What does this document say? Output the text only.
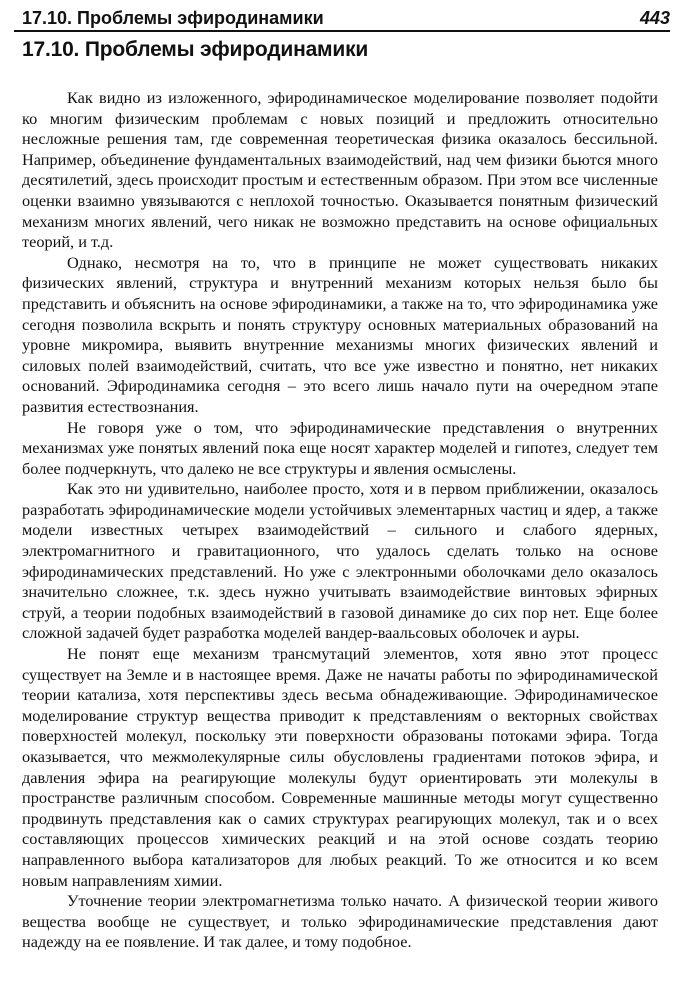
17.10. Проблемы эфиродинамики	443
17.10. Проблемы эфиродинамики

Как видно из изложенного, эфиродинамическое моделирование позволяет подойти ко многим физическим проблемам с новых позиций и предложить относительно несложные решения там, где современная теоретическая физика оказалось бессильной. Например, объединение фундаментальных взаимодействий, над чем физики бьются много десятилетий, здесь происходит простым и естественным образом. При этом все численные оценки взаимно увязываются с неплохой точностью. Оказывается понятным физический механизм многих явлений, чего никак не возможно представить на основе официальных теорий, и т.д.

Однако, несмотря на то, что в принципе не может существовать никаких физических явлений, структура и внутренний механизм которых нельзя было бы представить и объяснить на основе эфиродинамики, а также на то, что эфиродинамика уже сегодня позволила вскрыть и понять структуру основных материальных образований на уровне микромира, выявить внутренние механизмы многих физических явлений и силовых полей взаимодействий, считать, что все уже известно и понятно, нет никаких оснований. Эфиродинамика сегодня – это всего лишь начало пути на очередном этапе развития естествознания.

Не говоря уже о том, что эфиродинамические представления о внутренних механизмах уже понятых явлений пока еще носят характер моделей и гипотез, следует тем более подчеркнуть, что далеко не все структуры и явления осмыслены.

Как это ни удивительно, наиболее просто, хотя и в первом приближении, оказалось разработать эфиродинамические модели устойчивых элементарных частиц и ядер, а также модели известных четырех взаимодействий – сильного и слабого ядерных, электромагнитного и гравитационного, что удалось сделать только на основе эфиродинамических представлений. Но уже с электронными оболочками дело оказалось значительно сложнее, т.к. здесь нужно учитывать взаимодействие винтовых эфирных струй, а теории подобных взаимодействий в газовой динамике до сих пор нет. Еще более сложной задачей будет разработка моделей вандер-ваальсовых оболочек и ауры.

Не понят еще механизм трансмутаций элементов, хотя явно этот процесс существует на Земле и в настоящее время. Даже не начаты работы по эфиродинамической теории катализа, хотя перспективы здесь весьма обнадеживающие. Эфиродинамическое моделирование структур вещества приводит к представлениям о векторных свойствах поверхностей молекул, поскольку эти поверхности образованы потоками эфира. Тогда оказывается, что межмолекулярные силы обусловлены градиентами потоков эфира, и давления эфира на реагирующие молекулы будут ориентировать эти молекулы в пространстве различным способом. Современные машинные методы могут существенно продвинуть представления как о самих структурах реагирующих молекул, так и о всех составляющих процессов химических реакций и на этой основе создать теорию направленного выбора катализаторов для любых реакций. То же относится и ко всем новым направлениям химии.

Уточнение теории электромагнетизма только начато. А физической теории живого вещества вообще не существует, и только эфиродинамические представления дают надежду на ее появление. И так далее, и тому подобное.
